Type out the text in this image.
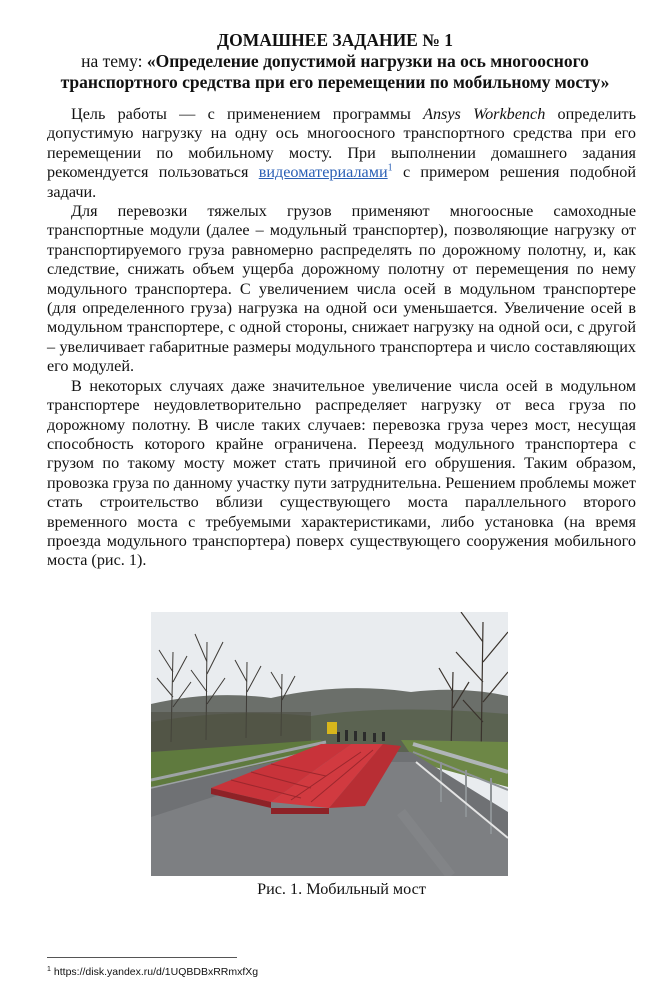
ДОМАШНЕЕ ЗАДАНИЕ № 1
на тему: «Определение допустимой нагрузки на ось многоосного
транспортного средства при его перемещении по мобильному мосту»

Цель работы — с применением программы Ansys Workbench определить допустимую нагрузку на одну ось многоосного транспортного средства при его перемещении по мобильному мосту. При выполнении домашнего задания рекомендуется пользоваться видеоматериалами$^1$ с примером решения подобной задачи.

Для перевозки тяжелых грузов применяют многоосные самоходные транспортные модули (далее – модульный транспортер), позволяющие нагрузку от транспортируемого груза равномерно распределять по дорожному полотну, и, как следствие, снижать объем ущерба дорожному полотну от перемещения по нему модульного транспортера. С увеличением числа осей в модульном транспортере (для определенного груза) нагрузка на одной оси уменьшается. Увеличение осей в модульном транспортере, с одной стороны, снижает нагрузку на одной оси, с другой – увеличивает габаритные размеры модульного транспортера и число составляющих его модулей.

В некоторых случаях даже значительное увеличение числа осей в модульном транспортере неудовлетворительно распределяет нагрузку от веса груза по дорожному полотну. В числе таких случаев: перевозка груза через мост, несущая способность которого крайне ограничена. Переезд модульного транспортера с грузом по такому мосту может стать причиной его обрушения. Таким образом, провозка груза по данному участку пути затруднительна. Решением проблемы может стать строительство вблизи существующего моста параллельного второго временного моста с требуемыми характеристиками, либо установка (на время проезда модульного транспортера) поверх существующего сооружения мобильного моста (рис. 1).

Рис. 1. Мобильный мост
$^1$ https://disk.yandex.ru/d/1UQBDBxRRmxfXg
